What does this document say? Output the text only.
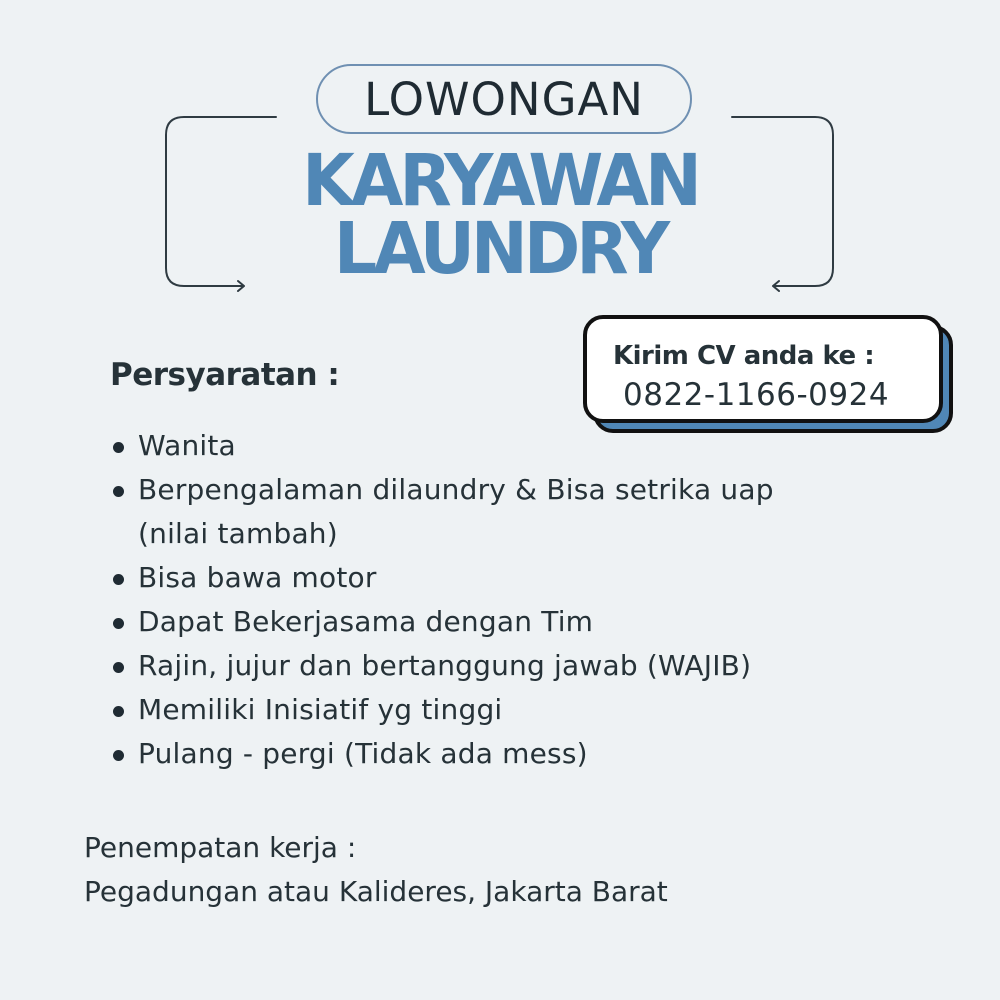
LOWONGAN
KARYAWAN
LAUNDRY
Kirim CV anda ke :
0822-1166-0924
Persyaratan :
Wanita
Berpengalaman dilaundry & Bisa setrika uap
(nilai tambah)
Bisa bawa motor
Dapat Bekerjasama dengan Tim
Rajin, jujur dan bertanggung jawab (WAJIB)
Memiliki Inisiatif yg tinggi
Pulang - pergi (Tidak ada mess)
Penempatan kerja :
Pegadungan atau Kalideres, Jakarta Barat
